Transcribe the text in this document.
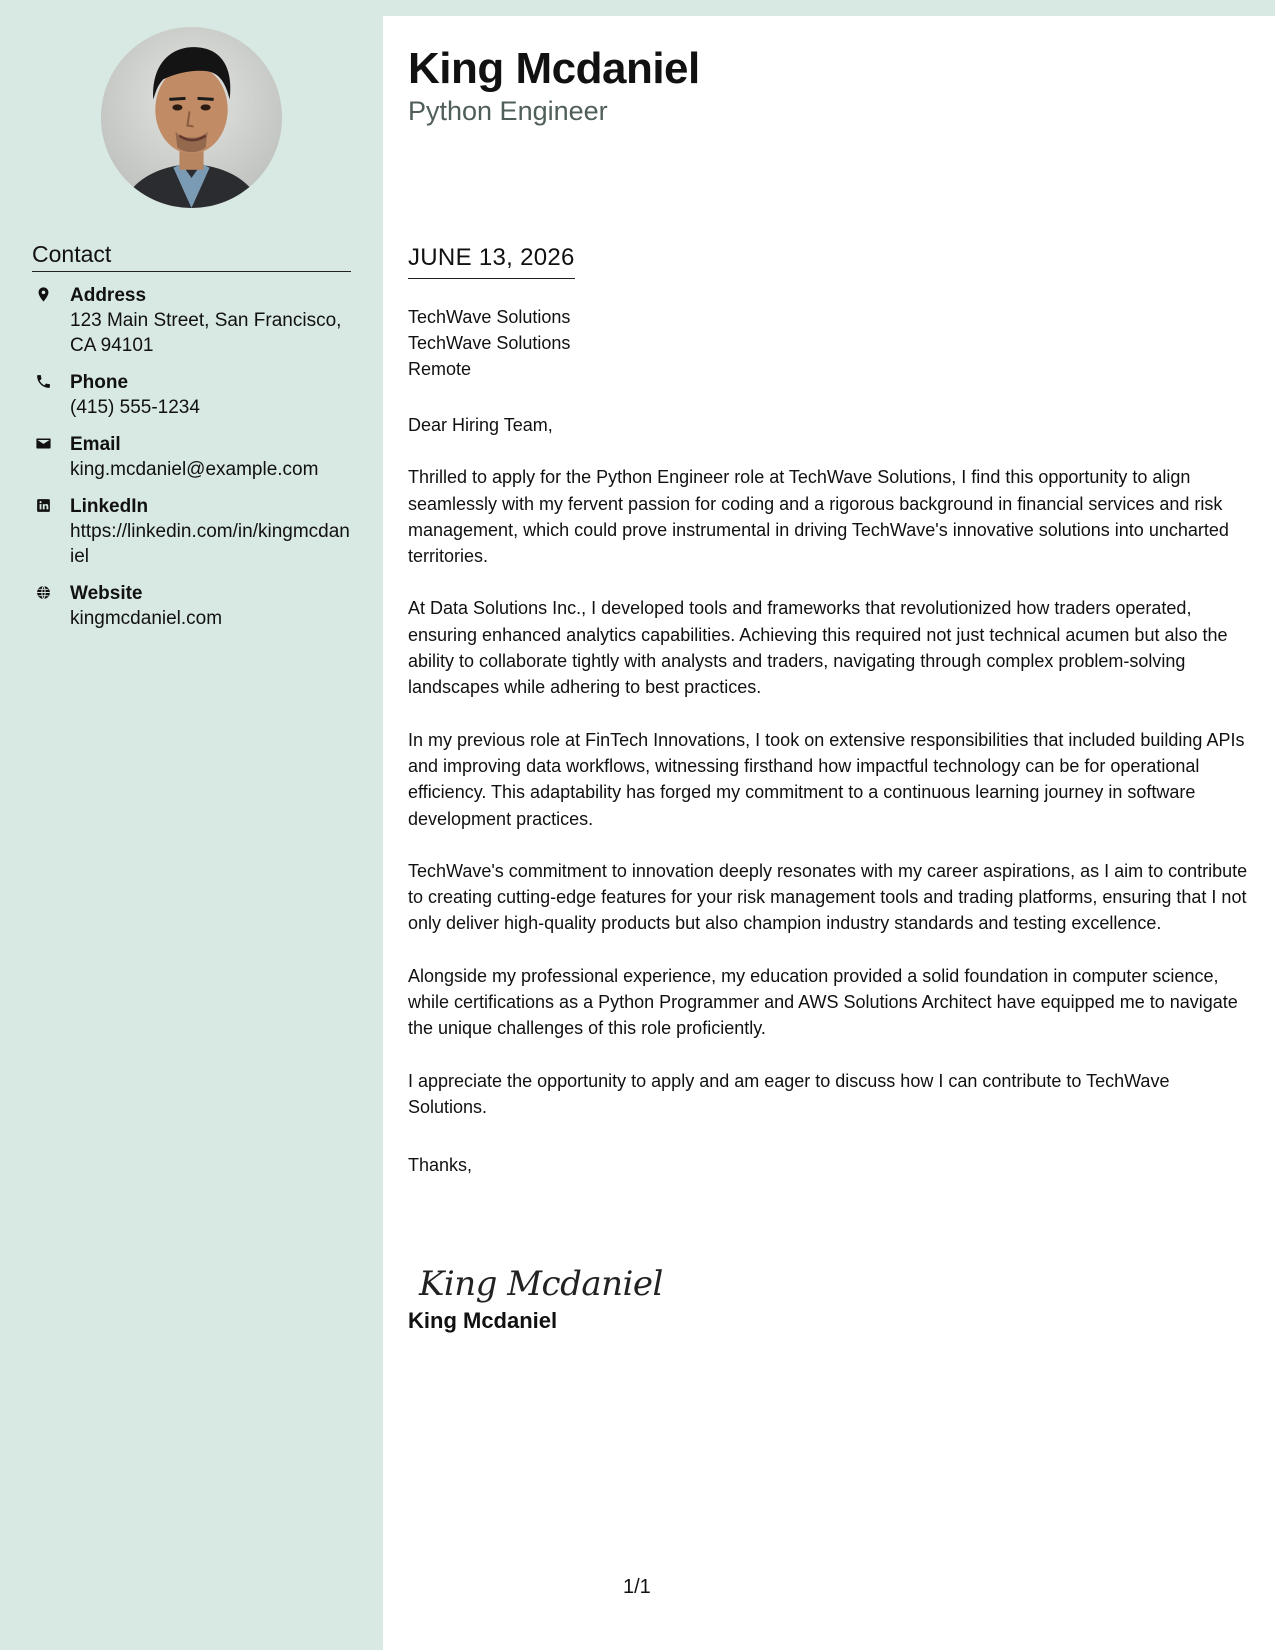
Contact
Address
123 Main Street, San Francisco, CA 94101
Phone
(415) 555-1234
Email
king.mcdaniel@example.com
LinkedIn
https://linkedin.com/in/kingmcdaniel
Website
kingmcdaniel.com
King Mcdaniel
Python Engineer
JUNE 13, 2026
TechWave Solutions
TechWave Solutions
Remote

Dear Hiring Team,

Thrilled to apply for the Python Engineer role at TechWave Solutions, I find this opportunity to align seamlessly with my fervent passion for coding and a rigorous background in financial services and risk management, which could prove instrumental in driving TechWave's innovative solutions into uncharted territories.

At Data Solutions Inc., I developed tools and frameworks that revolutionized how traders operated, ensuring enhanced analytics capabilities. Achieving this required not just technical acumen but also the ability to collaborate tightly with analysts and traders, navigating through complex problem-solving landscapes while adhering to best practices.

In my previous role at FinTech Innovations, I took on extensive responsibilities that included building APIs and improving data workflows, witnessing firsthand how impactful technology can be for operational efficiency. This adaptability has forged my commitment to a continuous learning journey in software development practices.

TechWave's commitment to innovation deeply resonates with my career aspirations, as I aim to contribute to creating cutting-edge features for your risk management tools and trading platforms, ensuring that I not only deliver high-quality products but also champion industry standards and testing excellence.

Alongside my professional experience, my education provided a solid foundation in computer science, while certifications as a Python Programmer and AWS Solutions Architect have equipped me to navigate the unique challenges of this role proficiently.

I appreciate the opportunity to apply and am eager to discuss how I can contribute to TechWave Solutions.

Thanks,
King Mcdaniel
King Mcdaniel
1/1
